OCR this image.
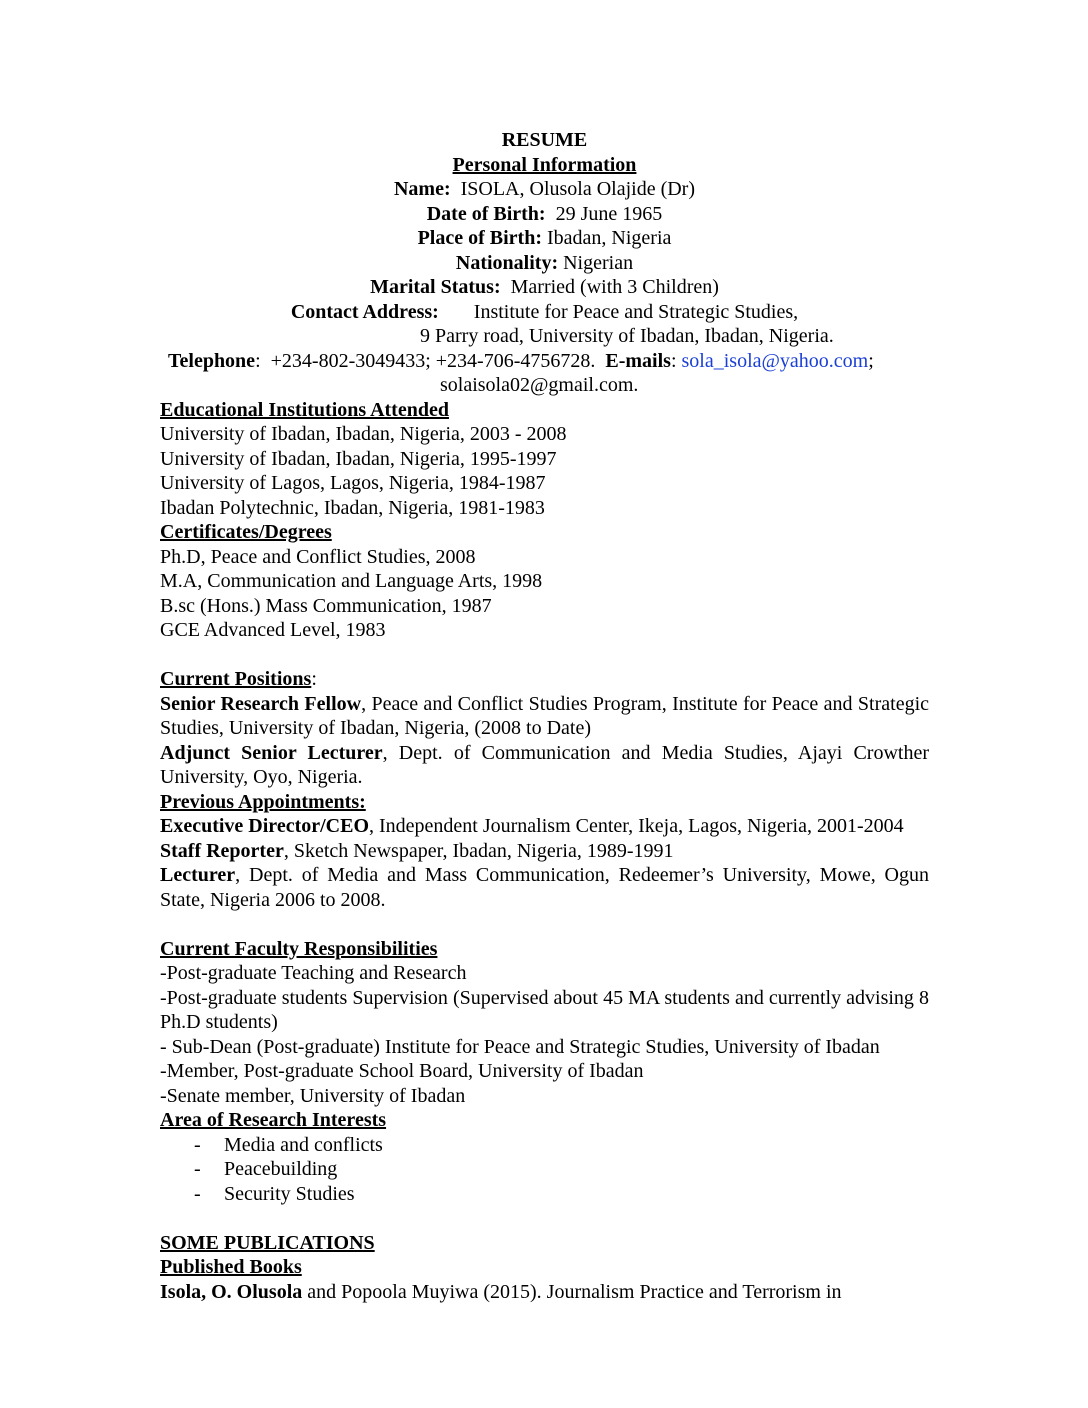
RESUME
Personal Information
Name: ISOLA, Olusola Olajide (Dr)
Date of Birth: 29 June 1965
Place of Birth: Ibadan, Nigeria
Nationality: Nigerian
Marital Status: Married (with 3 Children)
Contact Address: Institute for Peace and Strategic Studies,
9 Parry road, University of Ibadan, Ibadan, Nigeria.
Telephone:  +234-802-3049433; +234-706-4756728. E-mails: sola_isola@yahoo.com;
solaisola02@gmail.com.
Educational Institutions Attended
University of Ibadan, Ibadan, Nigeria, 2003 - 2008
University of Ibadan, Ibadan, Nigeria, 1995-1997
University of Lagos, Lagos, Nigeria, 1984-1987
Ibadan Polytechnic, Ibadan, Nigeria, 1981-1983
Certificates/Degrees
Ph.D, Peace and Conflict Studies, 2008
M.A, Communication and Language Arts, 1998
B.sc (Hons.) Mass Communication, 1987
GCE Advanced Level, 1983
Current Positions:
Senior Research Fellow, Peace and Conflict Studies Program, Institute for Peace and Strategic Studies, University of Ibadan, Nigeria, (2008 to Date)
Adjunct Senior Lecturer, Dept. of Communication and Media Studies, Ajayi Crowther University, Oyo, Nigeria.
Previous Appointments:
Executive Director/CEO, Independent Journalism Center, Ikeja, Lagos, Nigeria, 2001-2004
Staff Reporter, Sketch Newspaper, Ibadan, Nigeria, 1989-1991
Lecturer, Dept. of Media and Mass Communication, Redeemer’s University, Mowe, Ogun State, Nigeria 2006 to 2008.
Current Faculty Responsibilities
-Post-graduate Teaching and Research
-Post-graduate students Supervision (Supervised about 45 MA students and currently advising 8 Ph.D students)
- Sub-Dean (Post-graduate) Institute for Peace and Strategic Studies, University of Ibadan
-Member, Post-graduate School Board, University of Ibadan
-Senate member, University of Ibadan
Area of Research Interests
-	Media and conflicts
-	Peacebuilding
-	Security Studies
SOME PUBLICATIONS
Published Books
Isola, O. Olusola and Popoola Muyiwa (2015). Journalism Practice and Terrorism in
